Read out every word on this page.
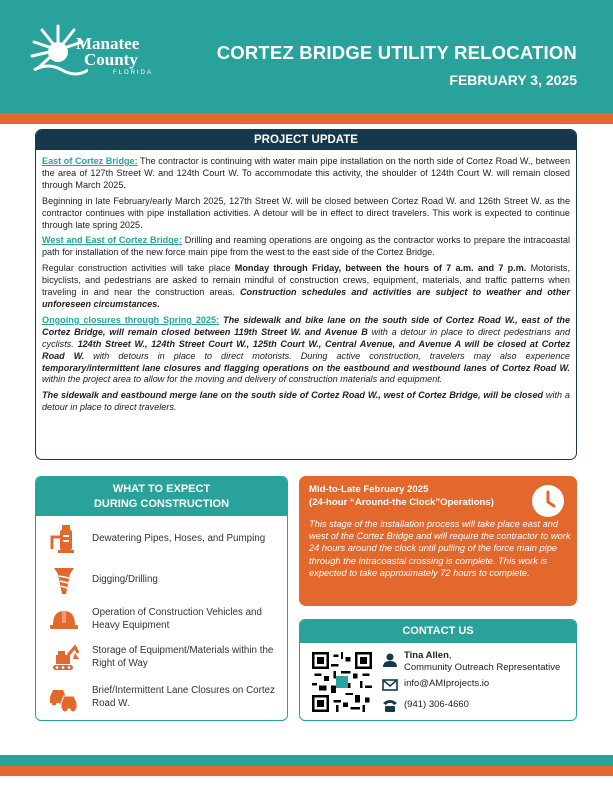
Manatee
County
FLORIDA
CORTEZ BRIDGE UTILITY RELOCATION
FEBRUARY 3, 2025
PROJECT UPDATE

East of Cortez Bridge: The contractor is continuing with water main pipe installation on the north side of Cortez Road W., between the area of 127th Street W. and 124th Court W. To accommodate this activity, the shoulder of 124th Court W. will remain closed through March 2025.

Beginning in late February/early March 2025, 127th Street W. will be closed between Cortez Road W. and 126th Street W. as the contractor continues with pipe installation activities. A detour will be in effect to direct travelers. This work is expected to continue through late spring 2025.

West and East of Cortez Bridge: Drilling and reaming operations are ongoing as the contractor works to prepare the intracoastal path for installation of the new force main pipe from the west to the east side of the Cortez Bridge.

Regular construction activities will take place Monday through Friday, between the hours of 7 a.m. and 7 p.m. Motorists, bicyclists, and pedestrians are asked to remain mindful of construction crews, equipment, materials, and traffic patterns when traveling in and near the construction areas. Construction schedules and activities are subject to weather and other unforeseen circumstances.

Ongoing closures through Spring 2025: The sidewalk and bike lane on the south side of Cortez Road W., east of the Cortez Bridge, will remain closed between 119th Street W. and Avenue B with a detour in place to direct pedestrians and cyclists. 124th Street W., 124th Street Court W., 125th Court W., Central Avenue, and Avenue A will be closed at Cortez Road W. with detours in place to direct motorists. During active construction, travelers may also experience temporary/intermittent lane closures and flagging operations on the eastbound and westbound lanes of Cortez Road W. within the project area to allow for the moving and delivery of construction materials and equipment.

The sidewalk and eastbound merge lane on the south side of Cortez Road W., west of Cortez Bridge, will be closed with a detour in place to direct travelers.

WHAT TO EXPECT
DURING CONSTRUCTION
Dewatering Pipes, Hoses, and Pumping
Digging/Drilling
Operation of Construction Vehicles and Heavy Equipment
Storage of Equipment/Materials within the Right of Way
Brief/Intermittent Lane Closures on Cortez Road W.
Mid-to-Late February 2025
(24-hour “Around-the Clock”Operations)
This stage of the installation process will take place east and west of the Cortez Bridge and will require the contractor to work 24 hours around the clock until pulling of the force main pipe through the intracoastal crossing is complete. This work is expected to take approximately 72 hours to complete.
CONTACT US
Tina Allen,
Community Outreach Representative
info@AMIprojects.io
(941) 306-4660
